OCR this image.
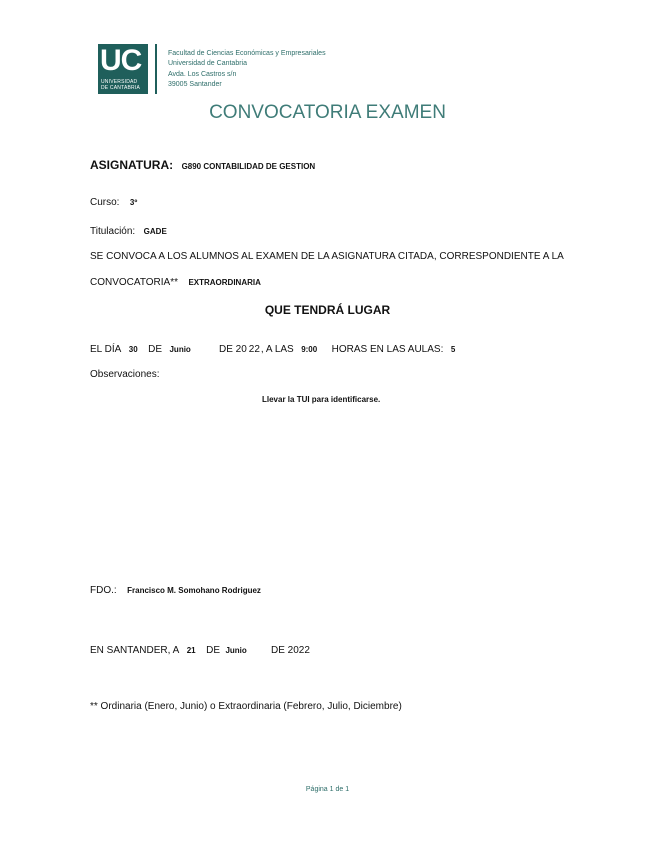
UC
UNIVERSIDAD
DE CANTABRIA
Facultad de Ciencias Económicas y Empresariales
Universidad de Cantabria
Avda. Los Castros s/n
39005 Santander
CONVOCATORIA EXAMEN
ASIGNATURA: G890 CONTABILIDAD DE GESTION
Curso: 3º
Titulación: GADE
SE CONVOCA A LOS ALUMNOS AL EXAMEN DE LA ASIGNATURA CITADA, CORRESPONDIENTE A LA
CONVOCATORIA** EXTRAORDINARIA
QUE TENDRÁ LUGAR
EL DÍA 30 DE Junio	DE 20 22, A LAS 9:00 HORAS EN LAS AULAS: 5
Observaciones:
Llevar la TUI para identificarse.
FDO.: Francisco M. Somohano Rodriguez
EN SANTANDER, A 21 DE Junio DE 2022
** Ordinaria (Enero, Junio) o Extraordinaria (Febrero, Julio, Diciembre)
Página 1 de 1
